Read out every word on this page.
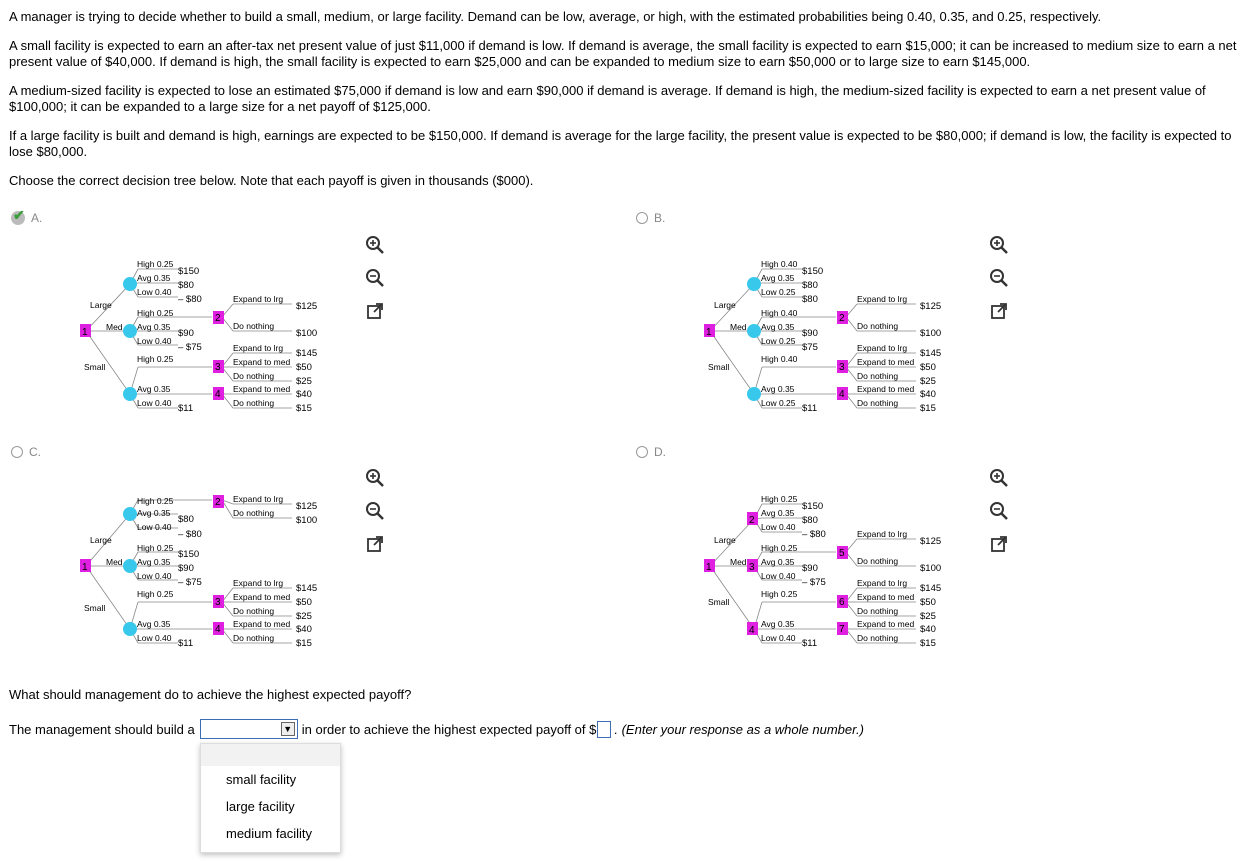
A manager is trying to decide whether to build a small, medium, or large facility. Demand can be low, average, or high, with the estimated probabilities being 0.40, 0.35, and 0.25, respectively.

A small facility is expected to earn an after-tax net present value of just $11,000 if demand is low. If demand is average, the small facility is expected to earn $15,000; it can be increased to medium size to earn a net present value of $40,000. If demand is high, the small facility is expected to earn $25,000 and can be expanded to medium size to earn $50,000 or to large size to earn $145,000.

A medium-sized facility is expected to lose an estimated $75,000 if demand is low and earn $90,000 if demand is average. If demand is high, the medium-sized facility is expected to earn a net present value of $100,000; it can be expanded to a large size for a net payoff of $125,000.

If a large facility is built and demand is high, earnings are expected to be $150,000. If demand is average for the large facility, the present value is expected to be $80,000; if demand is low, the facility is expected to lose $80,000.

Choose the correct decision tree below. Note that each payoff is given in thousands ($000).

✔ A.	B.
C.	D.
1
2
3
4
Large
Med
Small
High 0.25
Avg 0.35
Low 0.40
$150
$80
– $80
High 0.25
Avg 0.35
Low 0.40
$90
– $75
Expand to lrg
$125
Do nothing
$100
High 0.25
Expand to lrg $145
Expand to med $50
Do nothing $25
Avg 0.35
Low 0.40 $11
Expand to med $40
Do nothing $15
1
2
3
4
Large
Med
Small
High 0.40
Avg 0.35
Low 0.25
$150
$80
$80
High 0.40
Avg 0.35
Low 0.25
$90
$75
Expand to lrg
$125
Do nothing
$100
High 0.40
Expand to lrg $145
Expand to med $50
Do nothing $25
Avg 0.35
Low 0.25 $11
Expand to med $40
Do nothing $15
1
2
3
4
Large
Med
Small
High 0.25
Avg 0.35
Low 0.40
$80
– $80
Expand to lrg
$125
Do nothing
$100
High 0.25
Avg 0.35
Low 0.40
$150
$90
– $75
High 0.25
Expand to lrg $145
Expand to med $50
Do nothing $25
Avg 0.35
Low 0.40 $11
Expand to med $40
Do nothing $15
1
2
3
4
5
6
7
Large
Med
Small
High 0.25
Avg 0.35
Low 0.40
$150
$80
– $80
High 0.25
Avg 0.35
Low 0.40
$90
– $75
Expand to lrg
$125
Do nothing
$100
High 0.25
Expand to lrg $145
Expand to med $50
Do nothing $25
Avg 0.35
Low 0.40 $11
Expand to med $40
Do nothing $15
What should management do to achieve the highest expected payoff?
The management should build a	▼ in order to achieve the highest expected payoff of $ . (Enter your response as a whole number.)
small facility
large facility
medium facility
